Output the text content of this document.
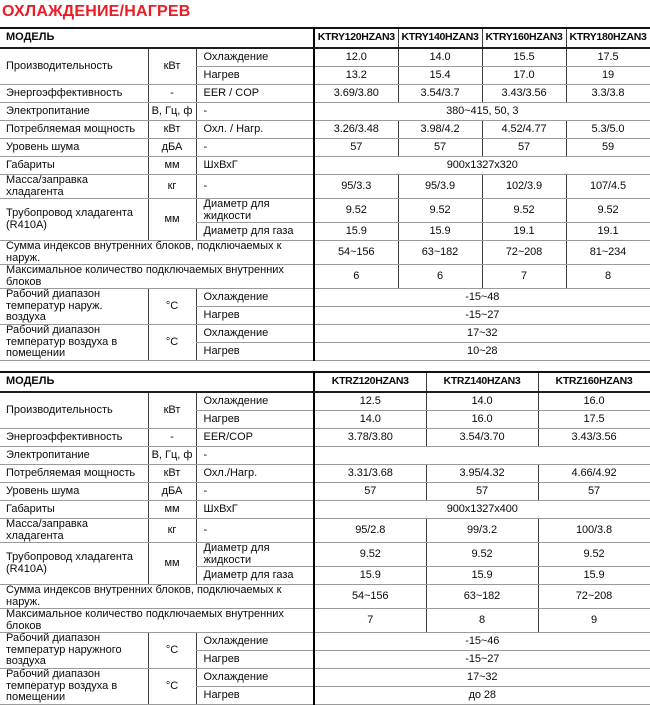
ОХЛАЖДЕНИЕ/НАГРЕВ
МОДЕЛЬ			KTRY120HZAN3	KTRY140HZAN3	KTRY160HZAN3	KTRY180HZAN3
Производительность	кВт	Охлаждение	12.0	14.0	15.5	17.5
		Нагрев	13.2	15.4	17.0	19
Энергоэффективность	-	EER / COP	3.69/3.80	3.54/3.7	3.43/3.56	3.3/3.8
Электропитание	В, Гц, ф	-	380~415, 50, 3			
Потребляемая мощность	кВт	Охл. / Нагр.	3.26/3.48	3.98/4.2	4.52/4.77	5.3/5.0
Уровень шума	дБА	-	57	57	57	59
Габариты	мм	ШхВхГ	900x1327x320			
Масса/заправка хладагента	кг	-	95/3.3	95/3.9	102/3.9	107/4.5
Трубопровод хладагента (R410A)	мм	Диаметр для жидкости	9.52	9.52	9.52	9.52
		Диаметр для газа	15.9	15.9	19.1	19.1
Сумма индексов внутренних блоков, подключаемых к наруж.			54~156	63~182	72~208	81~234
Максимальное количество подключаемых внутренних блоков			6	6	7	8
Рабочий диапазон температур наруж. воздуха	°C	Охлаждение	-15~48			
		Нагрев	-15~27			
Рабочий диапазон температур воздуха в помещении	°C	Охлаждение	17~32			
		Нагрев	10~28			
МОДЕЛЬ			KTRZ120HZAN3	KTRZ140HZAN3	KTRZ160HZAN3
Производительность	кВт	Охлаждение	12.5	14.0	16.0
		Нагрев	14.0	16.0	17.5
Энергоэффективность	-	EER/COP	3.78/3.80	3.54/3.70	3.43/3.56
Электропитание	В, Гц, ф	-			
Потребляемая мощность	кВт	Охл./Нагр.	3.31/3.68	3.95/4.32	4.66/4.92
Уровень шума	дБА	-	57	57	57
Габариты	мм	ШхВхГ	900x1327x400		
Масса/заправка хладагента	кг	-	95/2.8	99/3.2	100/3.8
Трубопровод хладагента (R410A)	мм	Диаметр для жидкости	9.52	9.52	9.52
		Диаметр для газа	15.9	15.9	15.9
Сумма индексов внутренних блоков, подключаемых к наруж.			54~156	63~182	72~208
Максимальное количество подключаемых внутренних блоков			7	8	9
Рабочий диапазон температур наружного воздуха	°C	Охлаждение	-15~46		
		Нагрев	-15~27		
Рабочий диапазон температур воздуха в помещении	°C	Охлаждение	17~32		
		Нагрев	до 28		
